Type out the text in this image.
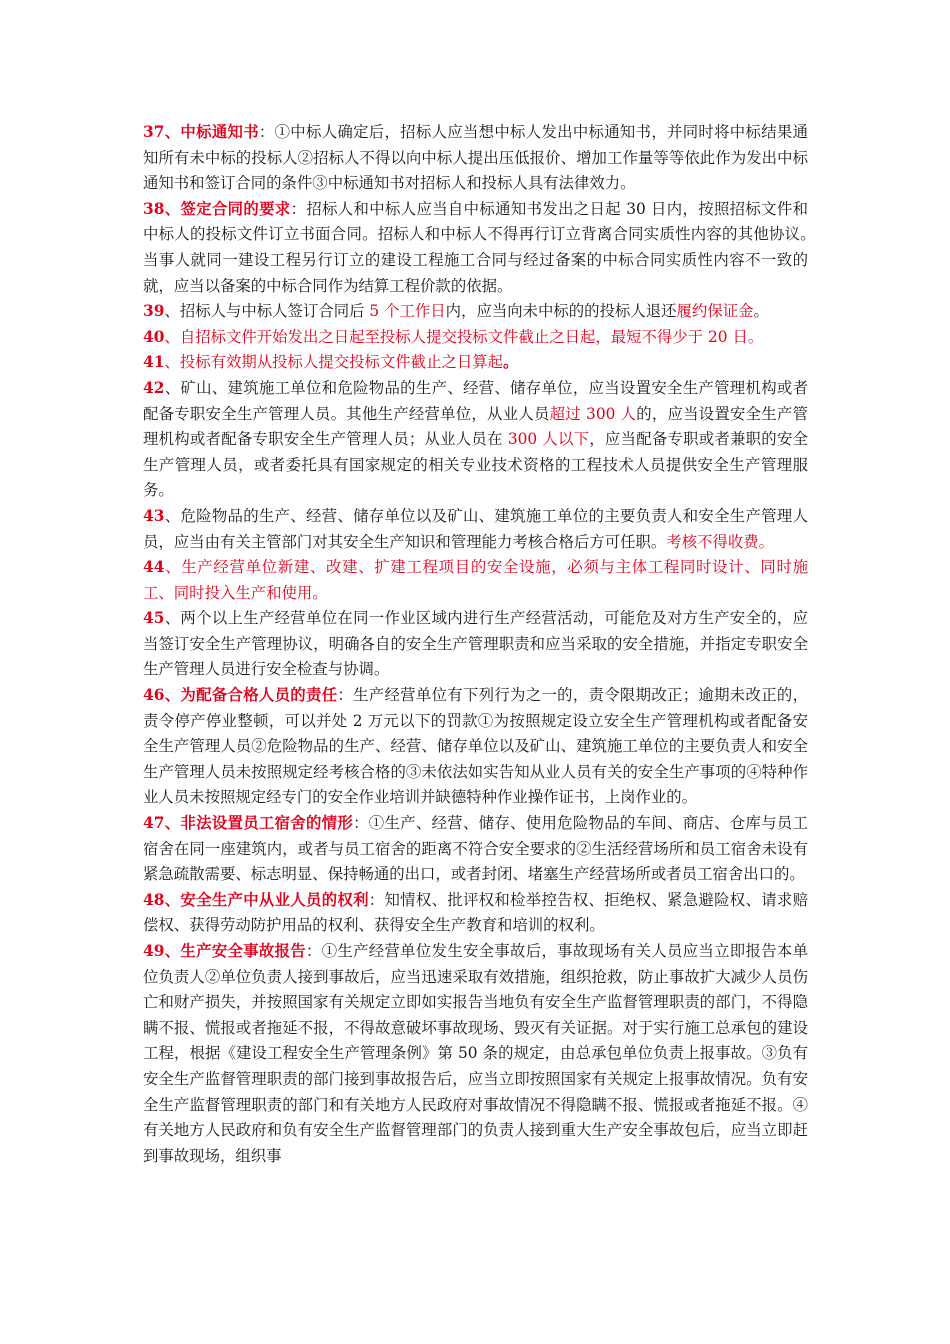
37、中标通知书：①中标人确定后，招标人应当想中标人发出中标通知书，并同时将中标结果通知所有未中标的投标人②招标人不得以向中标人提出压低报价、增加工作量等等依此作为发出中标通知书和签订合同的条件③中标通知书对招标人和投标人具有法律效力。

38、签定合同的要求：招标人和中标人应当自中标通知书发出之日起 30 日内，按照招标文件和中标人的投标文件订立书面合同。招标人和中标人不得再行订立背离合同实质性内容的其他协议。　当事人就同一建设工程另行订立的建设工程施工合同与经过备案的中标合同实质性内容不一致的就，应当以备案的中标合同作为结算工程价款的依据。

39、招标人与中标人签订合同后 5 个工作日内，应当向未中标的的投标人退还履约保证金。

40、自招标文件开始发出之日起至投标人提交投标文件截止之日起，最短不得少于 20 日。

41、投标有效期从投标人提交投标文件截止之日算起。

42、矿山、建筑施工单位和危险物品的生产、经营、储存单位，应当设置安全生产管理机构或者配备专职安全生产管理人员。其他生产经营单位，从业人员超过 300 人的，应当设置安全生产管理机构或者配备专职安全生产管理人员；从业人员在 300 人以下，应当配备专职或者兼职的安全生产管理人员，或者委托具有国家规定的相关专业技术资格的工程技术人员提供安全生产管理服务。

43、危险物品的生产、经营、储存单位以及矿山、建筑施工单位的主要负责人和安全生产管理人员，应当由有关主管部门对其安全生产知识和管理能力考核合格后方可任职。考核不得收费。

44、生产经营单位新建、改建、扩建工程项目的安全设施，必须与主体工程同时设计、同时施工、同时投入生产和使用。

45、两个以上生产经营单位在同一作业区域内进行生产经营活动，可能危及对方生产安全的，应当签订安全生产管理协议，明确各自的安全生产管理职责和应当采取的安全措施，并指定专职安全生产管理人员进行安全检查与协调。

46、为配备合格人员的责任：生产经营单位有下列行为之一的，责令限期改正；逾期未改正的，责令停产停业整顿，可以并处 2 万元以下的罚款①为按照规定设立安全生产管理机构或者配备安全生产管理人员②危险物品的生产、经营、储存单位以及矿山、建筑施工单位的主要负责人和安全生产管理人员未按照规定经考核合格的③未依法如实告知从业人员有关的安全生产事项的④特种作业人员未按照规定经专门的安全作业培训并缺德特种作业操作证书，上岗作业的。

47、非法设置员工宿舍的情形：①生产、经营、储存、使用危险物品的车间、商店、仓库与员工宿舍在同一座建筑内，或者与员工宿舍的距离不符合安全要求的②生活经营场所和员工宿舍未设有紧急疏散需要、标志明显、保持畅通的出口，或者封闭、堵塞生产经营场所或者员工宿舍出口的。

48、安全生产中从业人员的权利：知情权、批评权和检举控告权、拒绝权、紧急避险权、请求赔偿权、获得劳动防护用品的权利、获得安全生产教育和培训的权利。

49、生产安全事故报告：①生产经营单位发生安全事故后，事故现场有关人员应当立即报告本单位负责人②单位负责人接到事故后，应当迅速采取有效措施，组织抢救，防止事故扩大减少人员伤亡和财产损失，并按照国家有关规定立即如实报告当地负有安全生产监督管理职责的部门，不得隐瞒不报、慌报或者拖延不报，不得故意破坏事故现场、毁灭有关证据。对于实行施工总承包的建设工程，根据《建设工程安全生产管理条例》第 50 条的规定，由总承包单位负责上报事故。③负有安全生产监督管理职责的部门接到事故报告后，应当立即按照国家有关规定上报事故情况。负有安全生产监督管理职责的部门和有关地方人民政府对事故情况不得隐瞒不报、慌报或者拖延不报。④有关地方人民政府和负有安全生产监督管理部门的负责人接到重大生产安全事故包后，应当立即赶到事故现场，组织事
